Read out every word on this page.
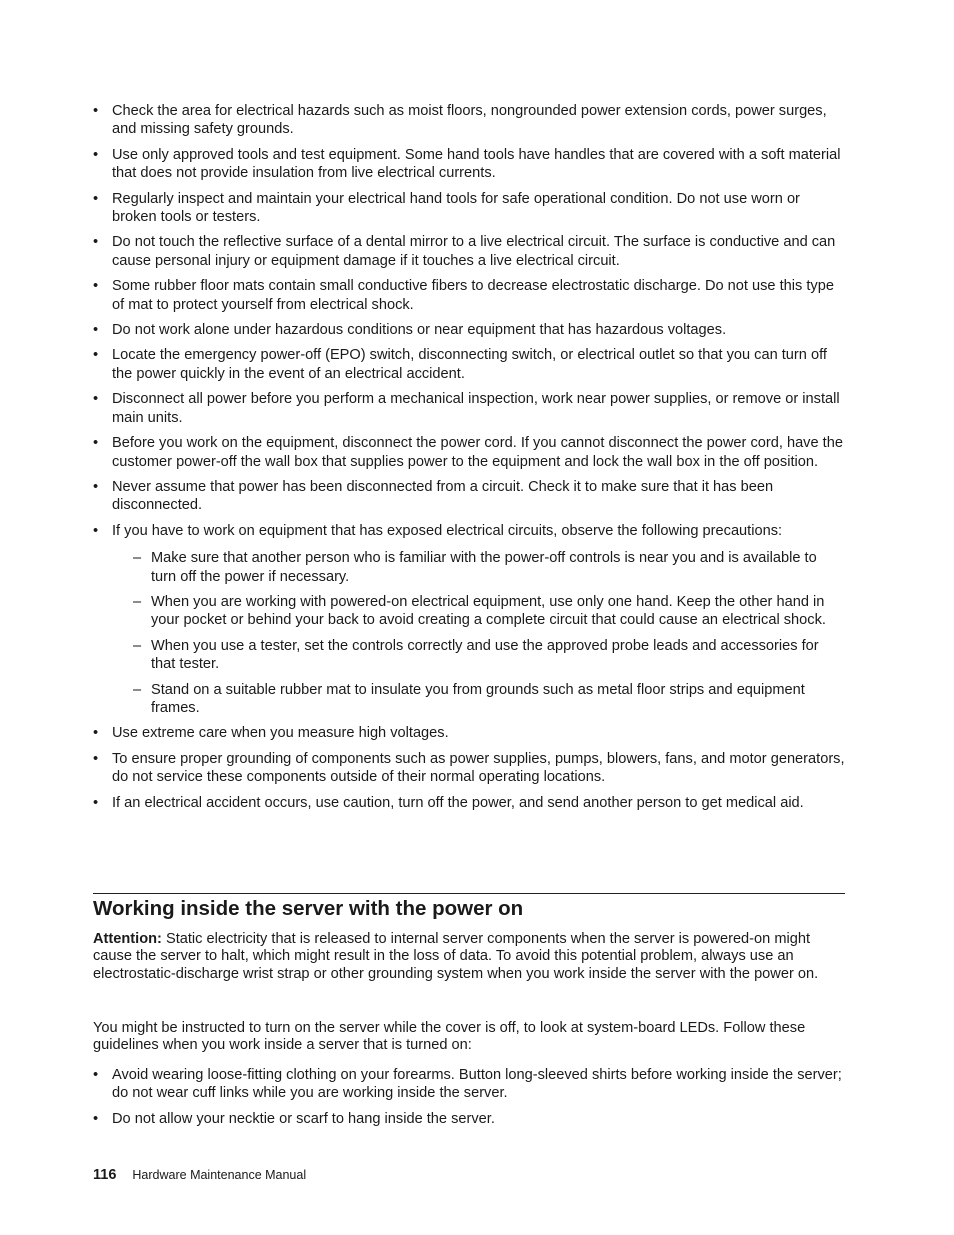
• Check the area for electrical hazards such as moist floors, nongrounded power extension cords, power surges, and missing safety grounds.
• Use only approved tools and test equipment. Some hand tools have handles that are covered with a soft material that does not provide insulation from live electrical currents.
• Regularly inspect and maintain your electrical hand tools for safe operational condition. Do not use worn or broken tools or testers.
• Do not touch the reflective surface of a dental mirror to a live electrical circuit. The surface is conductive and can cause personal injury or equipment damage if it touches a live electrical circuit.
• Some rubber floor mats contain small conductive fibers to decrease electrostatic discharge. Do not use this type of mat to protect yourself from electrical shock.
• Do not work alone under hazardous conditions or near equipment that has hazardous voltages.
• Locate the emergency power-off (EPO) switch, disconnecting switch, or electrical outlet so that you can turn off the power quickly in the event of an electrical accident.
• Disconnect all power before you perform a mechanical inspection, work near power supplies, or remove or install main units.
• Before you work on the equipment, disconnect the power cord. If you cannot disconnect the power cord, have the customer power-off the wall box that supplies power to the equipment and lock the wall box in the off position.
• Never assume that power has been disconnected from a circuit. Check it to make sure that it has been disconnected.
• If you have to work on equipment that has exposed electrical circuits, observe the following precautions:
– Make sure that another person who is familiar with the power-off controls is near you and is available to turn off the power if necessary.
– When you are working with powered-on electrical equipment, use only one hand. Keep the other hand in your pocket or behind your back to avoid creating a complete circuit that could cause an electrical shock.
– When you use a tester, set the controls correctly and use the approved probe leads and accessories for that tester.
– Stand on a suitable rubber mat to insulate you from grounds such as metal floor strips and equipment frames.
• Use extreme care when you measure high voltages.
• To ensure proper grounding of components such as power supplies, pumps, blowers, fans, and motor generators, do not service these components outside of their normal operating locations.
• If an electrical accident occurs, use caution, turn off the power, and send another person to get medical aid.
Working inside the server with the power on

Attention: Static electricity that is released to internal server components when the server is powered-on might cause the server to halt, which might result in the loss of data. To avoid this potential problem, always use an electrostatic-discharge wrist strap or other grounding system when you work inside the server with the power on.

You might be instructed to turn on the server while the cover is off, to look at system-board LEDs. Follow these guidelines when you work inside a server that is turned on:

• Avoid wearing loose-fitting clothing on your forearms. Button long-sleeved shirts before working inside the server; do not wear cuff links while you are working inside the server.
• Do not allow your necktie or scarf to hang inside the server.
116 Hardware Maintenance Manual
